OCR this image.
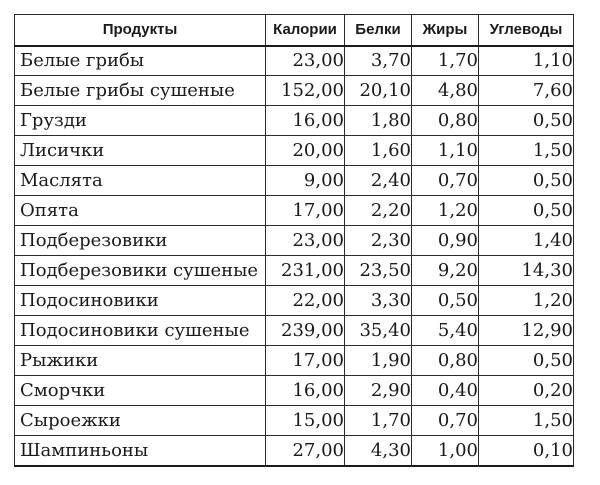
Продукты	Калории	Белки	Жиры	Углеводы
Белые грибы	23,00	3,70	1,70	1,10
Белые грибы сушеные	152,00	20,10	4,80	7,60
Грузди	16,00	1,80	0,80	0,50
Лисички	20,00	1,60	1,10	1,50
Маслята	9,00	2,40	0,70	0,50
Опята	17,00	2,20	1,20	0,50
Подберезовики	23,00	2,30	0,90	1,40
Подберезовики сушеные	231,00	23,50	9,20	14,30
Подосиновики	22,00	3,30	0,50	1,20
Подосиновики сушеные	239,00	35,40	5,40	12,90
Рыжики	17,00	1,90	0,80	0,50
Сморчки	16,00	2,90	0,40	0,20
Сыроежки	15,00	1,70	0,70	1,50
Шампиньоны	27,00	4,30	1,00	0,10
